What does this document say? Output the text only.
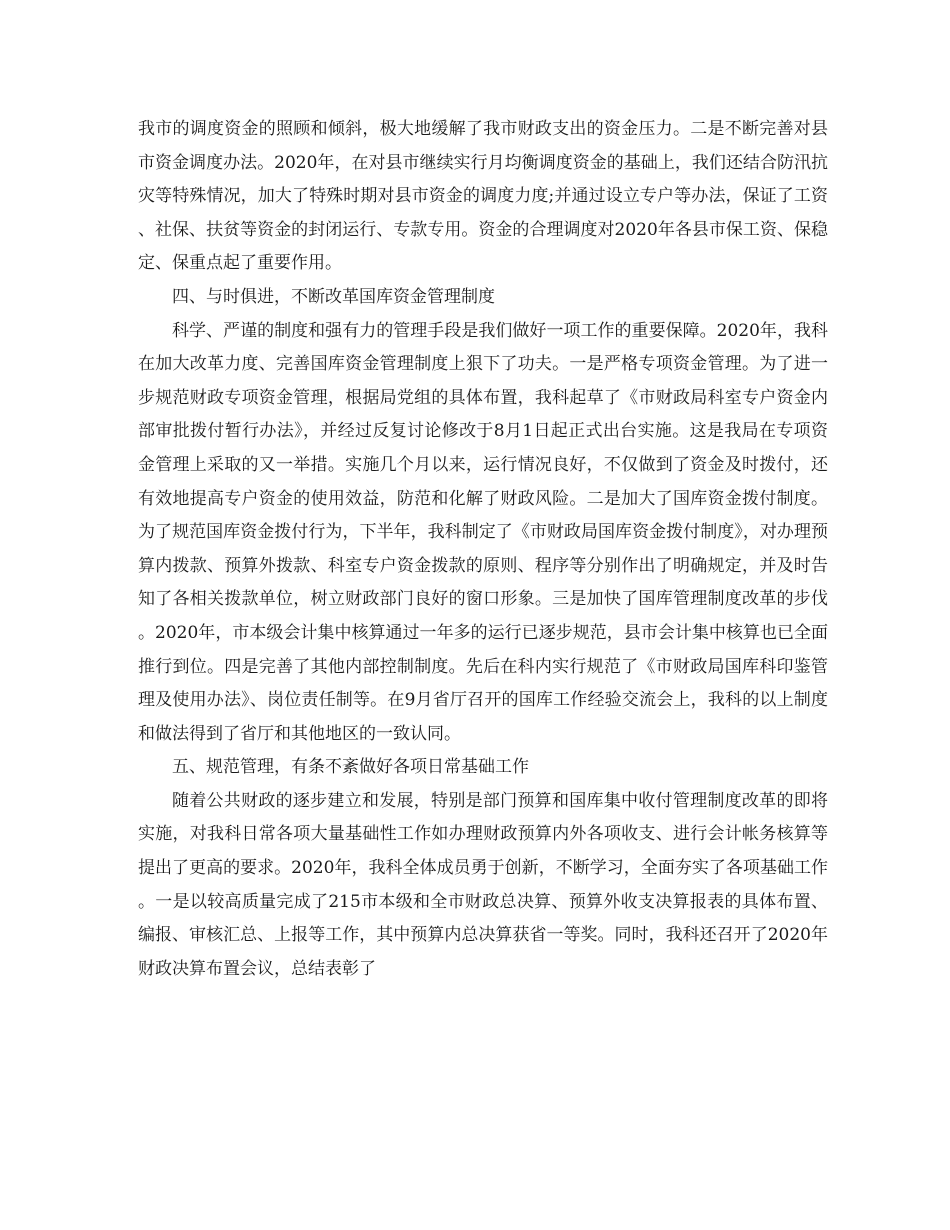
我市的调度资金的照顾和倾斜，极大地缓解了我市财政支出的资金压力。二是不断完善对县市资金调度办法。2020年，在对县市继续实行月均衡调度资金的基础上，我们还结合防汛抗灾等特殊情况，加大了特殊时期对县市资金的调度力度;并通过设立专户等办法，保证了工资、社保、扶贫等资金的封闭运行、专款专用。资金的合理调度对2020年各县市保工资、保稳定、保重点起了重要作用。

四、与时俱进，不断改革国库资金管理制度

科学、严谨的制度和强有力的管理手段是我们做好一项工作的重要保障。2020年，我科在加大改革力度、完善国库资金管理制度上狠下了功夫。一是严格专项资金管理。为了进一步规范财政专项资金管理，根据局党组的具体布置，我科起草了《市财政局科室专户资金内部审批拨付暂行办法》，并经过反复讨论修改于8月1日起正式出台实施。这是我局在专项资金管理上采取的又一举措。实施几个月以来，运行情况良好，不仅做到了资金及时拨付，还有效地提高专户资金的使用效益，防范和化解了财政风险。二是加大了国库资金拨付制度。为了规范国库资金拨付行为，下半年，我科制定了《市财政局国库资金拨付制度》，对办理预算内拨款、预算外拨款、科室专户资金拨款的原则、程序等分别作出了明确规定，并及时告知了各相关拨款单位，树立财政部门良好的窗口形象。三是加快了国库管理制度改革的步伐。2020年，市本级会计集中核算通过一年多的运行已逐步规范，县市会计集中核算也已全面推行到位。四是完善了其他内部控制制度。先后在科内实行规范了《市财政局国库科印鉴管理及使用办法》、岗位责任制等。在9月省厅召开的国库工作经验交流会上，我科的以上制度和做法得到了省厅和其他地区的一致认同。

五、规范管理，有条不紊做好各项日常基础工作

随着公共财政的逐步建立和发展，特别是部门预算和国库集中收付管理制度改革的即将实施，对我科日常各项大量基础性工作如办理财政预算内外各项收支、进行会计帐务核算等提出了更高的要求。2020年，我科全体成员勇于创新，不断学习，全面夯实了各项基础工作。一是以较高质量完成了215市本级和全市财政总决算、预算外收支决算报表的具体布置、编报、审核汇总、上报等工作，其中预算内总决算获省一等奖。同时，我科还召开了2020年财政决算布置会议，总结表彰了
